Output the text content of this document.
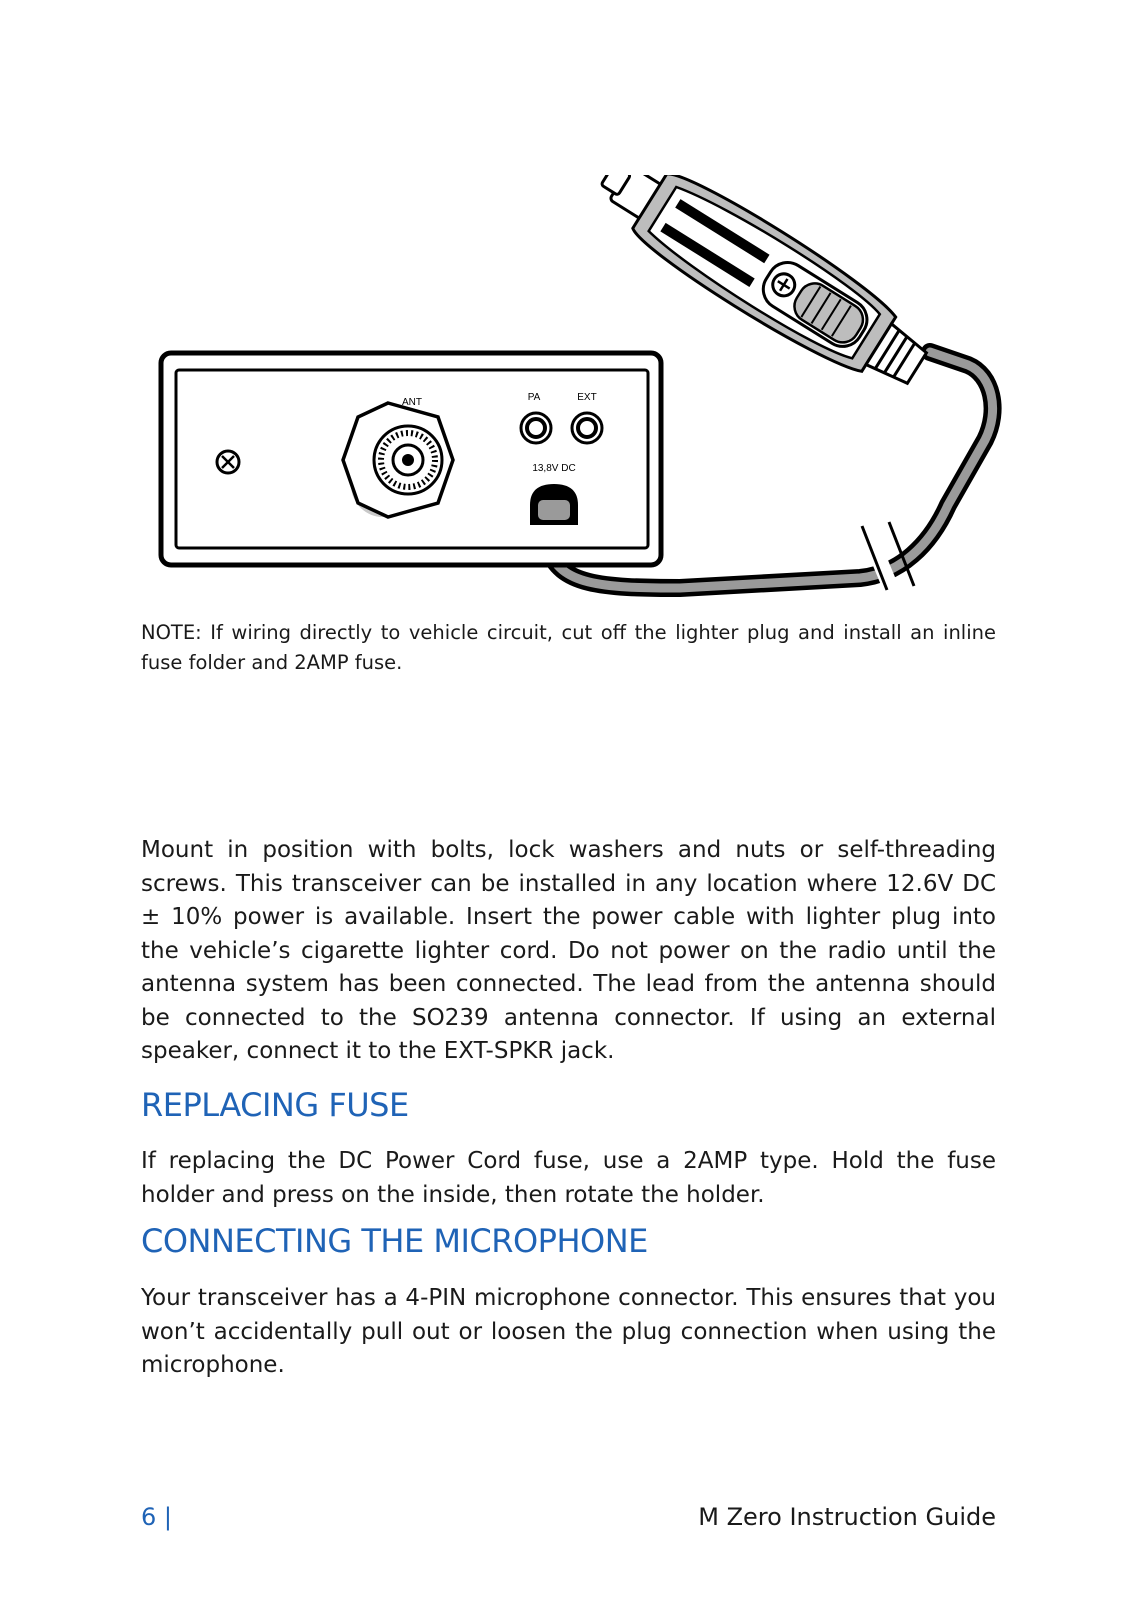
ANT	PA	EXT
13,8V DC
NOTE: If wiring directly to vehicle circuit, cut off the lighter plug and install an inline fuse folder and 2AMP fuse.
Mount in position with bolts, lock washers and nuts or self-threading screws. This transceiver can be installed in any location where 12.6V DC ± 10% power is available. Insert the power cable with lighter plug into the vehicle’s cigarette lighter cord. Do not power on the radio until the antenna system has been connected. The lead from the antenna should be connected to the SO239 antenna connector. If using an external speaker, connect it to the EXT-SPKR jack.
REPLACING FUSE
If replacing the DC Power Cord fuse, use a 2AMP type. Hold the fuse holder and press on the inside, then rotate the holder.
CONNECTING THE MICROPHONE
Your transceiver has a 4-PIN microphone connector. This ensures that you won’t accidentally pull out or loosen the plug connection when using the microphone.
6 |	M Zero Instruction Guide
